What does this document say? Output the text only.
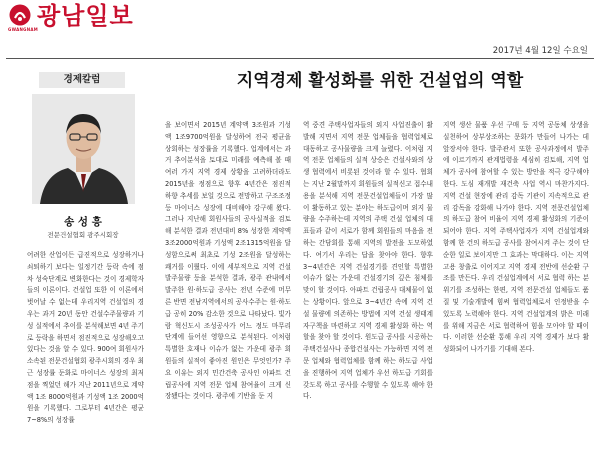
GWANGNAM
광남일보
2017년 4월 12일 수요일
경제칼럼	지역경제 활성화를 위한 건설업의 역할
송 성 흥
전문건설협회 광주시회장

어려한 산업이든 급진적으로 성장하거나 쇠퇴하기 보다는 일정기간 등락 속에 점차 성숙단계로 변화한다는 것이 경제학자들의 이론이다. 건설업 또한 이 이론에서 벗어날 수 없는데 우리지역 건설업의 경우는 과거 20년 동안 건설수주물량과 기성 실적에서 추이를 분석해보면 4년 주기로 등락을 하면서 점진적으로 성장해오고 있다는 것을 알 수 있다. 900여 회원사가 소속된 전문건설협회 광주시회의 경우 최근 성장률 둔화로 마이너스 성장의 최저점을 찍었던 해가 지난 2011년으로 계약액 1조 8000억원과 기성액 1조 2000억원을 기록했다. 그로부터 4년간은 평균 7~8%의 성장률

을 보이면서 2015년 계약액 3조원과 기성액 1조9700억원을 달성하여 전국 평균을 상회하는 성장률을 기록했다. 업계에서는 과거 추이분석을 토대로 미래를 예측해 볼 때 여러 가지 지역 경제 상황을 고려하더라도 2015년을 정점으로 향후 4년간은 점진적 하향 추세를 보일 것으로 전망하고 구조조정 등 마이너스 성장에 대비해야 강구해 왔다. 그러나 지난해 회원사들의 공사실적을 검토해 분석한 결과 전년대비 8% 성장한 계약액 3조2000억원과 기성액 2조1315억원을 달성함으로써 최초로 기성 2조원을 달성하는 쾌거를 이뤘다. 이에 세부적으로 지역 건설 발주물량 등을 분석한 결과, 광주 관내에서 발주한 원·하도급 공사는 전년 수준에 머무른 반면 전남지역에서의 공사수주는 원·하도급 공히 20% 감소한 것으로 나타났다. 빛가람 혁신도시 조성공사가 어느 정도 마무리 단계에 들어선 영향으로 분석된다. 이처럼 특별한 호재나 이슈가 없는 가운데 광주 회원들의 실적이 좋아진 원인은 무엇인가? 주요 이유는 외지 민간건축 공사인 아파트 건립공사에 지역 전문 업체 참여율이 크게 신장됐다는 것이다. 광주에 기반을 둔 지

역 중견 주택사업자들의 외지 사업진출이 활발해 지면서 지역 전문 업체들을 협력업체로 대동하고 공사물량을 크게 늘렸다. 이처럼 지역 전문 업체들의 실적 상승은 건설사와의 상생 협력에서 비롯된 것이라 할 수 있다. 협회는 지난 2월말까지 회원들의 실적신고 접수내용을 분석해 지역 전문건설업체들이 가장 많이 활동하고 있는 분야는 하도급이며 외지 물량을 수주하는데 지역의 주택 건설 업체의 대표들과 같이 서로가 함께 회원들의 마음을 전하는 간담회를 통해 지역의 발전을 도모하였다. 여기서 우리는 답을 찾아야 한다. 향후 3~4년간은 지역 건설경기를 견인할 특별한 이슈가 없는 가운데 건설경기의 깊은 침체를 맞이 할 것이다. 아파트 건립공사 대체물이 없는 상황이다. 앞으로 3~4년간 속에 지역 건설 물량에 의존하는 방법에 지역 건설 생태계 자구책을 마련하고 지역 경제 활성화 하는 역할을 찾아 할 것이다. 원도급 공사를 시공하는 주택건설사나 종합건설사는 가능하면 지역 전문 업체와 협력업체를 함께 하는 하도급 사업을 진행하여 지역 업체가 우선 하도급 기회를 갖도록 하고 공사를 수행할 수 있도록 해야 한다.

지역 생산 물품 우선 구매 등 지역 공동체 상생을 실천하여 상부상조하는 문화가 만들어 나가는 데 앞장서야 한다. 발주관서 또한 공사과정에서 발주에 이르기까지 관계법령을 세심히 검토해, 지역 업체가 공사에 참여할 수 있는 방안을 적극 강구해야 한다. 도심 재개발 재건축 사업 역시 마찬가지다. 지역 건설 현장에 관리 감독 기관이 지속적으로 관리 감독을 강화해 나가야 한다. 지역 전문건설업체의 하도급 참여 비율이 지역 경제 활성화의 기준이 되어야 한다. 지역 주택사업자가 지역 건설업계와 함께 한 건의 하도급 공사를 참여시켜 주는 것이 단순한 일로 보이지만 그 효과는 막대하다. 이는 지역 고용 창출로 이어지고 지역 경제 전반에 선순환 구조를 만든다. 우리 건설업계에서 서로 협력 하는 분위기를 조성하는 한편, 지역 전문건설 업체들도 품질 및 기술개발에 힘써 협력업체로서 인정받을 수 있도록 노력해야 한다. 지역 건설업계의 밝은 미래를 위해 지금은 서로 협력하여 힘을 모아야 할 때이다. 이러한 선순환 통해 우리 지역 경제가 보다 활성화되어 나가기를 기대해 본다.
